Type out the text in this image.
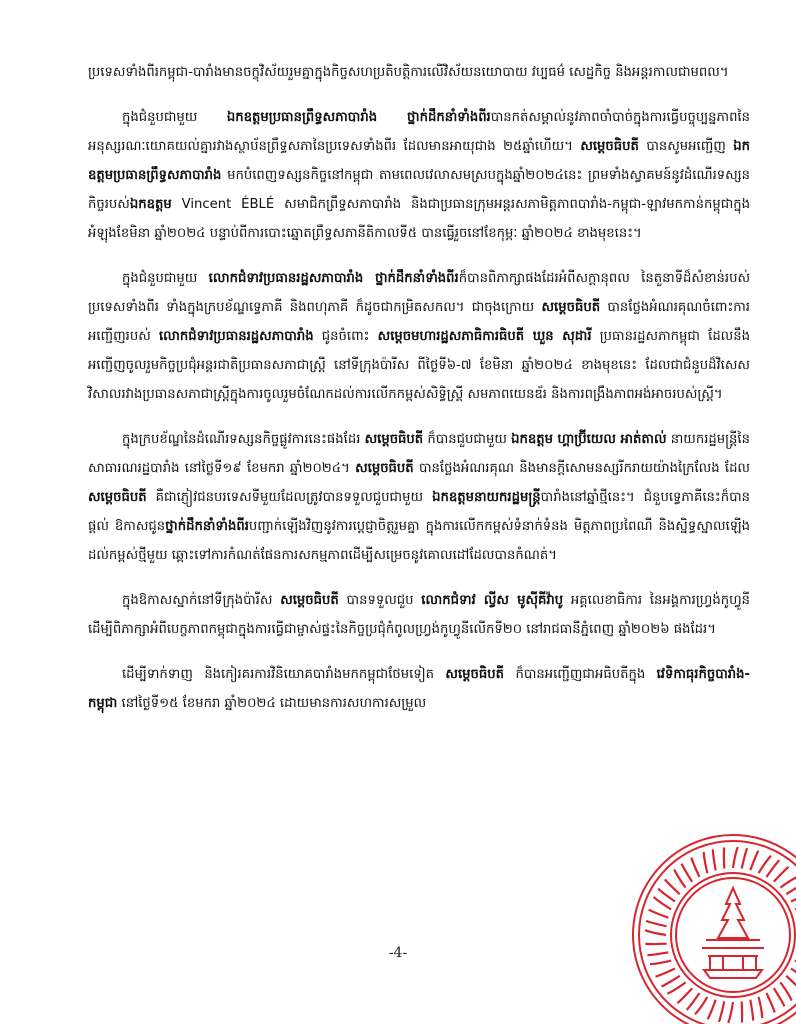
ប្រទេសទាំងពីរកម្ពុជា-បារាំងមានចក្ខុវិស័យរួមគ្នាក្នុងកិច្ចសហប្រតិបត្តិការលើវិស័យនយោបាយ វប្បធម៌ សេដ្ឋកិច្ច និងអន្តរកាលជាមពល។

ក្នុងជំនួបជាមួយ ឯកឧត្តមប្រធានព្រឹទ្ធសភាបារាំង ថ្នាក់ដឹកនាំទាំងពីរបានកត់សម្គាល់នូវភាពចាំបាច់ក្នុងការធ្វើបច្ចុប្បន្នភាពនៃអនុស្សរណៈយោគយល់គ្នារវាងស្ថាប័នព្រឹទ្ធសភានៃប្រទេសទាំងពីរ ដែលមានអាយុជាង ២៥ឆ្នាំហើយ។ សម្តេចធិបតី បានសូមអញ្ជើញ ឯកឧត្តមប្រធានព្រឹទ្ធសភាបារាំង មកបំពេញទស្សនកិច្ចនៅកម្ពុជា តាមពេលវេលាសមស្របក្នុងឆ្នាំ២០២៤នេះ ព្រមទាំងស្វាគមន៍នូវដំណើរទស្សនកិច្ចរបស់ឯកឧត្តម Vincent ÉBLÉ សមាជិកព្រឹទ្ធសភាបារាំង និងជាប្រធានក្រុមអន្តរសភាមិត្តភាពបារាំង-កម្ពុជា-ឡាវមកកាន់កម្ពុជាក្នុងអំឡុងខែមិនា ឆ្នាំ២០២៤ បន្ទាប់ពីការបោះឆ្នោតព្រឹទ្ធសភានីតិកាលទី៥ បានធ្វើរួចនៅខែកុម្ភៈ ឆ្នាំ២០២៤ ខាងមុខនេះ។

ក្នុងជំនួបជាមួយ លោកជំទាវប្រធានរដ្ឋសភាបារាំង ថ្នាក់ដឹកនាំទាំងពីរក៏បានពិភាក្សាផងដែរអំពីសក្តានុពល នៃតួនាទីដ៏សំខាន់របស់ប្រទេសទាំងពីរ ទាំងក្នុងក្របខ័ណ្ឌទ្វេភាគី និងពហុភាគី ក៏ដូចជាកម្រិតសកល។ ជាចុងក្រោយ សម្តេចធិបតី បានថ្លែងអំណរគុណចំពោះការអញ្ជើញរបស់ លោកជំទាវប្រធានរដ្ឋសភាបារាំង ជូនចំពោះ សម្តេចមហារដ្ឋសភាធិការធិបតី ឃួន សុដារី ប្រធានរដ្ឋសភាកម្ពុជា ដែលនឹងអញ្ជើញចូលរួមកិច្ចប្រជុំអន្តរជាតិប្រធានសភាជាស្ត្រី នៅទីក្រុងប៉ារីស ពីថ្ងៃទី៦-៧ ខែមិនា ឆ្នាំ២០២៤ ខាងមុខនេះ ដែលជាជំនួបដ៏វិសេសវិសាលរវាងប្រធានសភាជាស្ត្រីក្នុងការចូលរួមចំណែកដល់ការលើកកម្ពស់សិទ្ធិស្ត្រី សមភាពយេនឌ័រ និងការពង្រឹងភាពអង់អាចរបស់ស្ត្រី។

ក្នុងក្របខ័ណ្ឌនៃដំណើរទស្សនកិច្ចផ្លូវការនេះផងដែរ សម្តេចធិបតី ក៏បានជួបជាមួយ ឯកឧត្តម ហ្គាប្រ៊ីយេល អាត់តាល់ នាយករដ្ឋមន្ត្រីនៃសាធារណរដ្ឋបារាំង នៅថ្ងៃទី១៩ ខែមករា ឆ្នាំ២០២៤។ សម្តេចធិបតី បានថ្លែងអំណរគុណ និងមានក្តីសោមនស្សរីករាយយ៉ាងក្រៃលែង ដែល សម្តេចធិបតី គឺជាភ្ញៀវជនបរទេសទីមួយដែលត្រូវបានទទួលជួបជាមួយ ឯកឧត្តមនាយករដ្ឋមន្ត្រីបារាំងនៅឆ្នាំថ្មីនេះ។ ជំនួបទ្វេភាគីនេះក៏បានផ្តល់ ឱកាសជូនថ្នាក់ដឹកនាំទាំងពីរបញ្ជាក់ឡើងវិញនូវការប្តេជ្ញាចិត្តរួមគ្នា ក្នុងការលើកកម្ពស់ទំនាក់ទំនង មិត្តភាពប្រពៃណី និងស្និទ្ធស្នាលឡើងដល់កម្ពស់ថ្មីមួយ ឆ្ពោះទៅការកំណត់ផែនការសកម្មភាពដើម្បីសម្រេចនូវគោលដៅដែលបានកំណត់។

ក្នុងឱកាសស្នាក់នៅទីក្រុងប៉ារីស សម្តេចធិបតី បានទទួលជួប លោកជំទាវ ល្វីស មូស៊ីគីវ៉ាបូ អគ្គលេខាធិការ នៃអង្គការហ្វ្រង់កូហ្វូនី ដើម្បីពិភាក្សាអំពីបេក្ខភាពកម្ពុជាក្នុងការធ្វើជាម្ចាស់ផ្ទះនៃកិច្ចប្រជុំកំពូលហ្វ្រង់កូហ្វូនីលើកទី២០ នៅរាជធានីភ្នំពេញ ឆ្នាំ២០២៦ ផងដែរ។

ដើម្បីទាក់ទាញ និងកៀរគរការវិនិយោគបារាំងមកកម្ពុជាថែមទៀត សម្តេចធិបតី ក៏បានអញ្ជើញជាអធិបតីក្នុង វេទិកាធុរកិច្ចបារាំង-កម្ពុជា នៅថ្ងៃទី១៥ ខែមករា ឆ្នាំ២០២៤ ដោយមានការសហការសម្រួល

-4-
